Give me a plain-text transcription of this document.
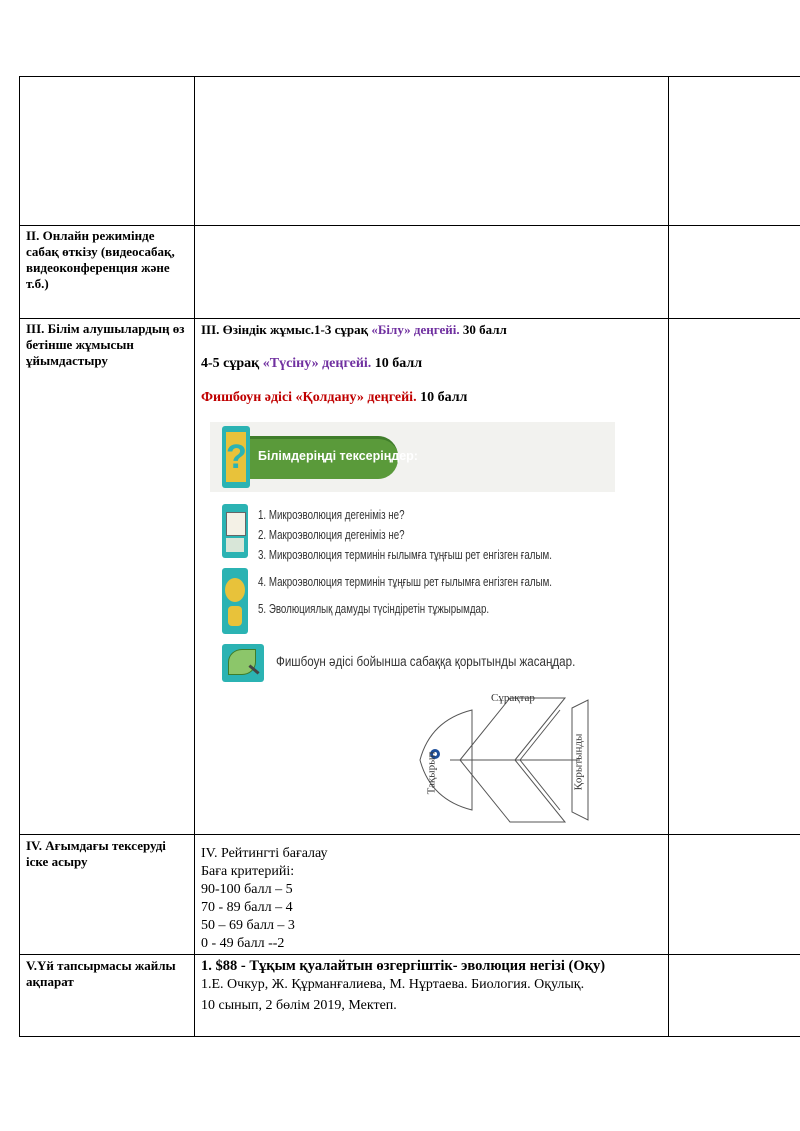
ІІ. Онлайн режимінде сабақ өткізу (видеосабақ, видеоконференция және т.б.)
ІІІ. Білім алушылардың өз бетінше жұмысын ұйымдастыру
ІV. Ағымдағы тексеруді іске асыру
V.Үй тапсырмасы жайлы ақпарат
ІІІ. Өзіндік жұмыс.1-3 сұрақ «Білу» деңгейі. 30 балл
4-5 сұрақ «Түсіну» деңгейі. 10 балл
Фишбоун әдісі «Қолдану» деңгейі. 10 балл
? Білімдеріңді тексеріңдер:
1. Микроэволюция дегеніміз не?
2. Макроэволюция дегеніміз не?
3. Микроэволюция терминін ғылымға тұңғыш рет енгізген ғалым.
4. Макроэволюция терминін тұңғыш рет ғылымға енгізген ғалым.
5. Эволюциялық дамуды түсіндіретін тұжырымдар.
Фишбоун әдісі бойынша сабаққа қорытынды жасаңдар.
Сұрақтар
Тақырып	Қорытынды
ІV. Рейтингті бағалау
Баға критерийі:
90-100 балл – 5
70 - 89 балл – 4
50 – 69 балл – 3
0 - 49 балл --2
1. $88 - Тұқым қуалайтын өзгергіштік- эволюция негізі (Оқу)
1.Е. Очкур, Ж. Құрманғалиева, М. Нұртаева. Биология. Оқулық.
10 сынып, 2 бөлім 2019, Мектеп.
